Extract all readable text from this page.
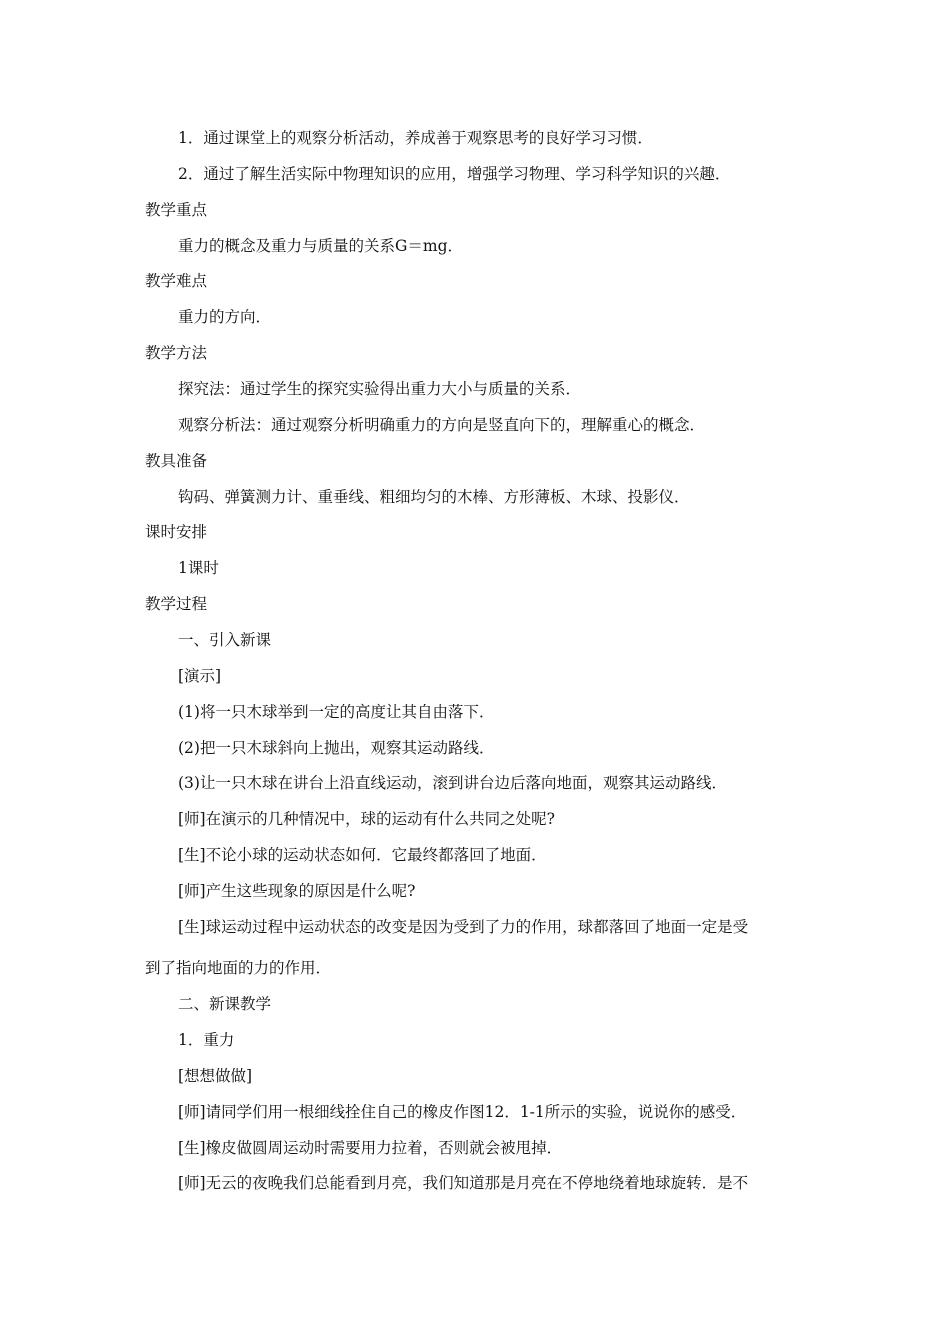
1．通过课堂上的观察分析活动，养成善于观察思考的良好学习习惯．
2．通过了解生活实际中物理知识的应用，增强学习物理、学习科学知识的兴趣．
教学重点
重力的概念及重力与质量的关系G＝mg．
教学难点
重力的方向．
教学方法
探究法：通过学生的探究实验得出重力大小与质量的关系．
观察分析法：通过观察分析明确重力的方向是竖直向下的，理解重心的概念．
教具准备
钩码、弹簧测力计、重垂线、粗细均匀的木棒、方形薄板、木球、投影仪．
课时安排
1课时
教学过程
一、引入新课
[演示]
(1)将一只木球举到一定的高度让其自由落下．
(2)把一只木球斜向上抛出，观察其运动路线．
(3)让一只木球在讲台上沿直线运动，滚到讲台边后落向地面，观察其运动路线．
[师]在演示的几种情况中，球的运动有什么共同之处呢?
[生]不论小球的运动状态如何．它最终都落回了地面．
[师]产生这些现象的原因是什么呢?
[生]球运动过程中运动状态的改变是因为受到了力的作用，球都落回了地面一定是受
到了指向地面的力的作用．
二、新课教学
1．重力
[想想做做]
[师]请同学们用一根细线拴住自己的橡皮作图12．1-1所示的实验，说说你的感受．
[生]橡皮做圆周运动时需要用力拉着，否则就会被甩掉．
[师]无云的夜晚我们总能看到月亮，我们知道那是月亮在不停地绕着地球旋转．是不
